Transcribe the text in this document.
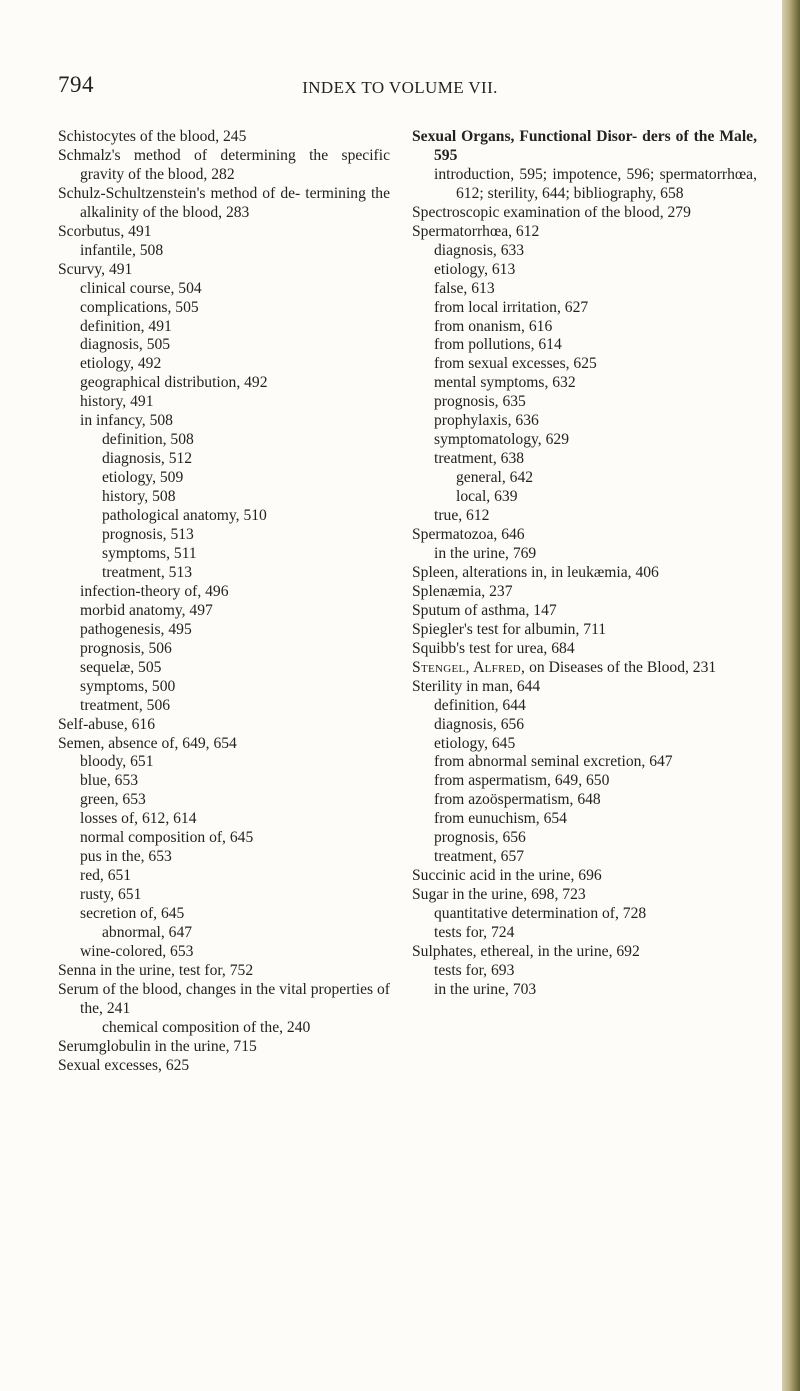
794	INDEX TO VOLUME VII.
Schistocytes of the blood, 245
Schmalz's method of determining the specific gravity of the blood, 282
Schulz-Schultzenstein's method of de- termining the alkalinity of the blood, 283
Scorbutus, 491
infantile, 508
Scurvy, 491
clinical course, 504
complications, 505
definition, 491
diagnosis, 505
etiology, 492
geographical distribution, 492
history, 491
in infancy, 508
definition, 508
diagnosis, 512
etiology, 509
history, 508
pathological anatomy, 510
prognosis, 513
symptoms, 511
treatment, 513
infection-theory of, 496
morbid anatomy, 497
pathogenesis, 495
prognosis, 506
sequelæ, 505
symptoms, 500
treatment, 506
Self-abuse, 616
Semen, absence of, 649, 654
bloody, 651
blue, 653
green, 653
losses of, 612, 614
normal composition of, 645
pus in the, 653
red, 651
rusty, 651
secretion of, 645
abnormal, 647
wine-colored, 653
Senna in the urine, test for, 752
Serum of the blood, changes in the vital properties of the, 241
chemical composition of the, 240
Serumglobulin in the urine, 715
Sexual excesses, 625
Sexual Organs, Functional Disor- ders of the Male, 595
introduction, 595; impotence, 596; spermatorrhœa, 612; sterility, 644; bibliography, 658
Spectroscopic examination of the blood, 279
Spermatorrhœa, 612
diagnosis, 633
etiology, 613
false, 613
from local irritation, 627
from onanism, 616
from pollutions, 614
from sexual excesses, 625
mental symptoms, 632
prognosis, 635
prophylaxis, 636
symptomatology, 629
treatment, 638
general, 642
local, 639
true, 612
Spermatozoa, 646
in the urine, 769
Spleen, alterations in, in leukæmia, 406
Splenæmia, 237
Sputum of asthma, 147
Spiegler's test for albumin, 711
Squibb's test for urea, 684
Stengel, Alfred, on Diseases of the Blood, 231
Sterility in man, 644
definition, 644
diagnosis, 656
etiology, 645
from abnormal seminal excretion, 647
from aspermatism, 649, 650
from azoöspermatism, 648
from eunuchism, 654
prognosis, 656
treatment, 657
Succinic acid in the urine, 696
Sugar in the urine, 698, 723
quantitative determination of, 728
tests for, 724
Sulphates, ethereal, in the urine, 692
tests for, 693
in the urine, 703
